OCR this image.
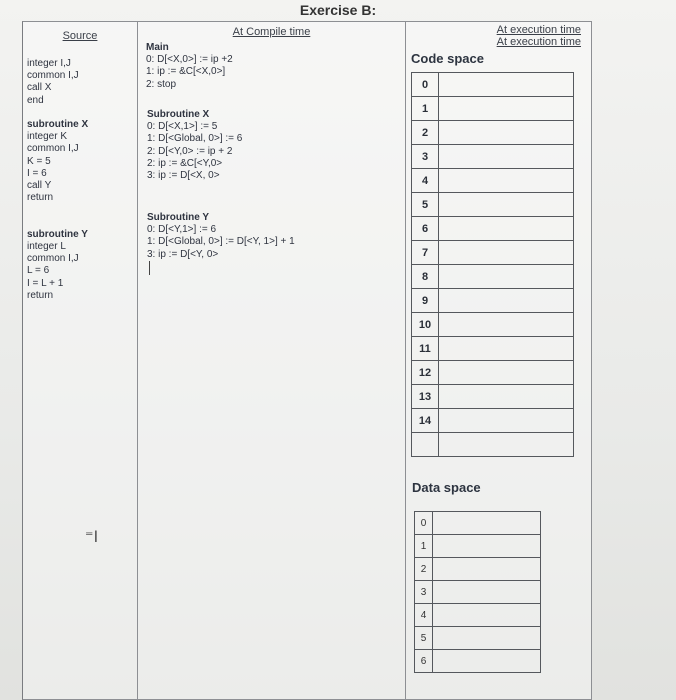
Exercise B:
Source
integer I,J
common I,J
call X
end

subroutine X
integer K
common I,J
K = 5
I = 6
call Y
return

subroutine Y
integer L
common I,J
L = 6
I = L + 1
return
At Compile time
Main
0: D[<X,0>] := ip +2
1: ip := &C[<X,0>]
2: stop
Subroutine X
0: D[<X,1>] := 5
1: D[<Global, 0>] := 6
2: D[<Y,0> := ip + 2
2: ip := &C[<Y,0>
3: ip := D[<X, 0>
Subroutine Y
0: D[<Y,1>] := 6
1: D[<Global, 0>] := D[<Y, 1>] + 1
3: ip := D[<Y, 0>
At execution time
At execution time
Code space
0	
1	
2	
3	
4	
5	
6	
7	
8	
9	
10	
11	
12	
13	
14	

Data space
0	
1	
2	
3	
4	
5	
6	
⁼I
